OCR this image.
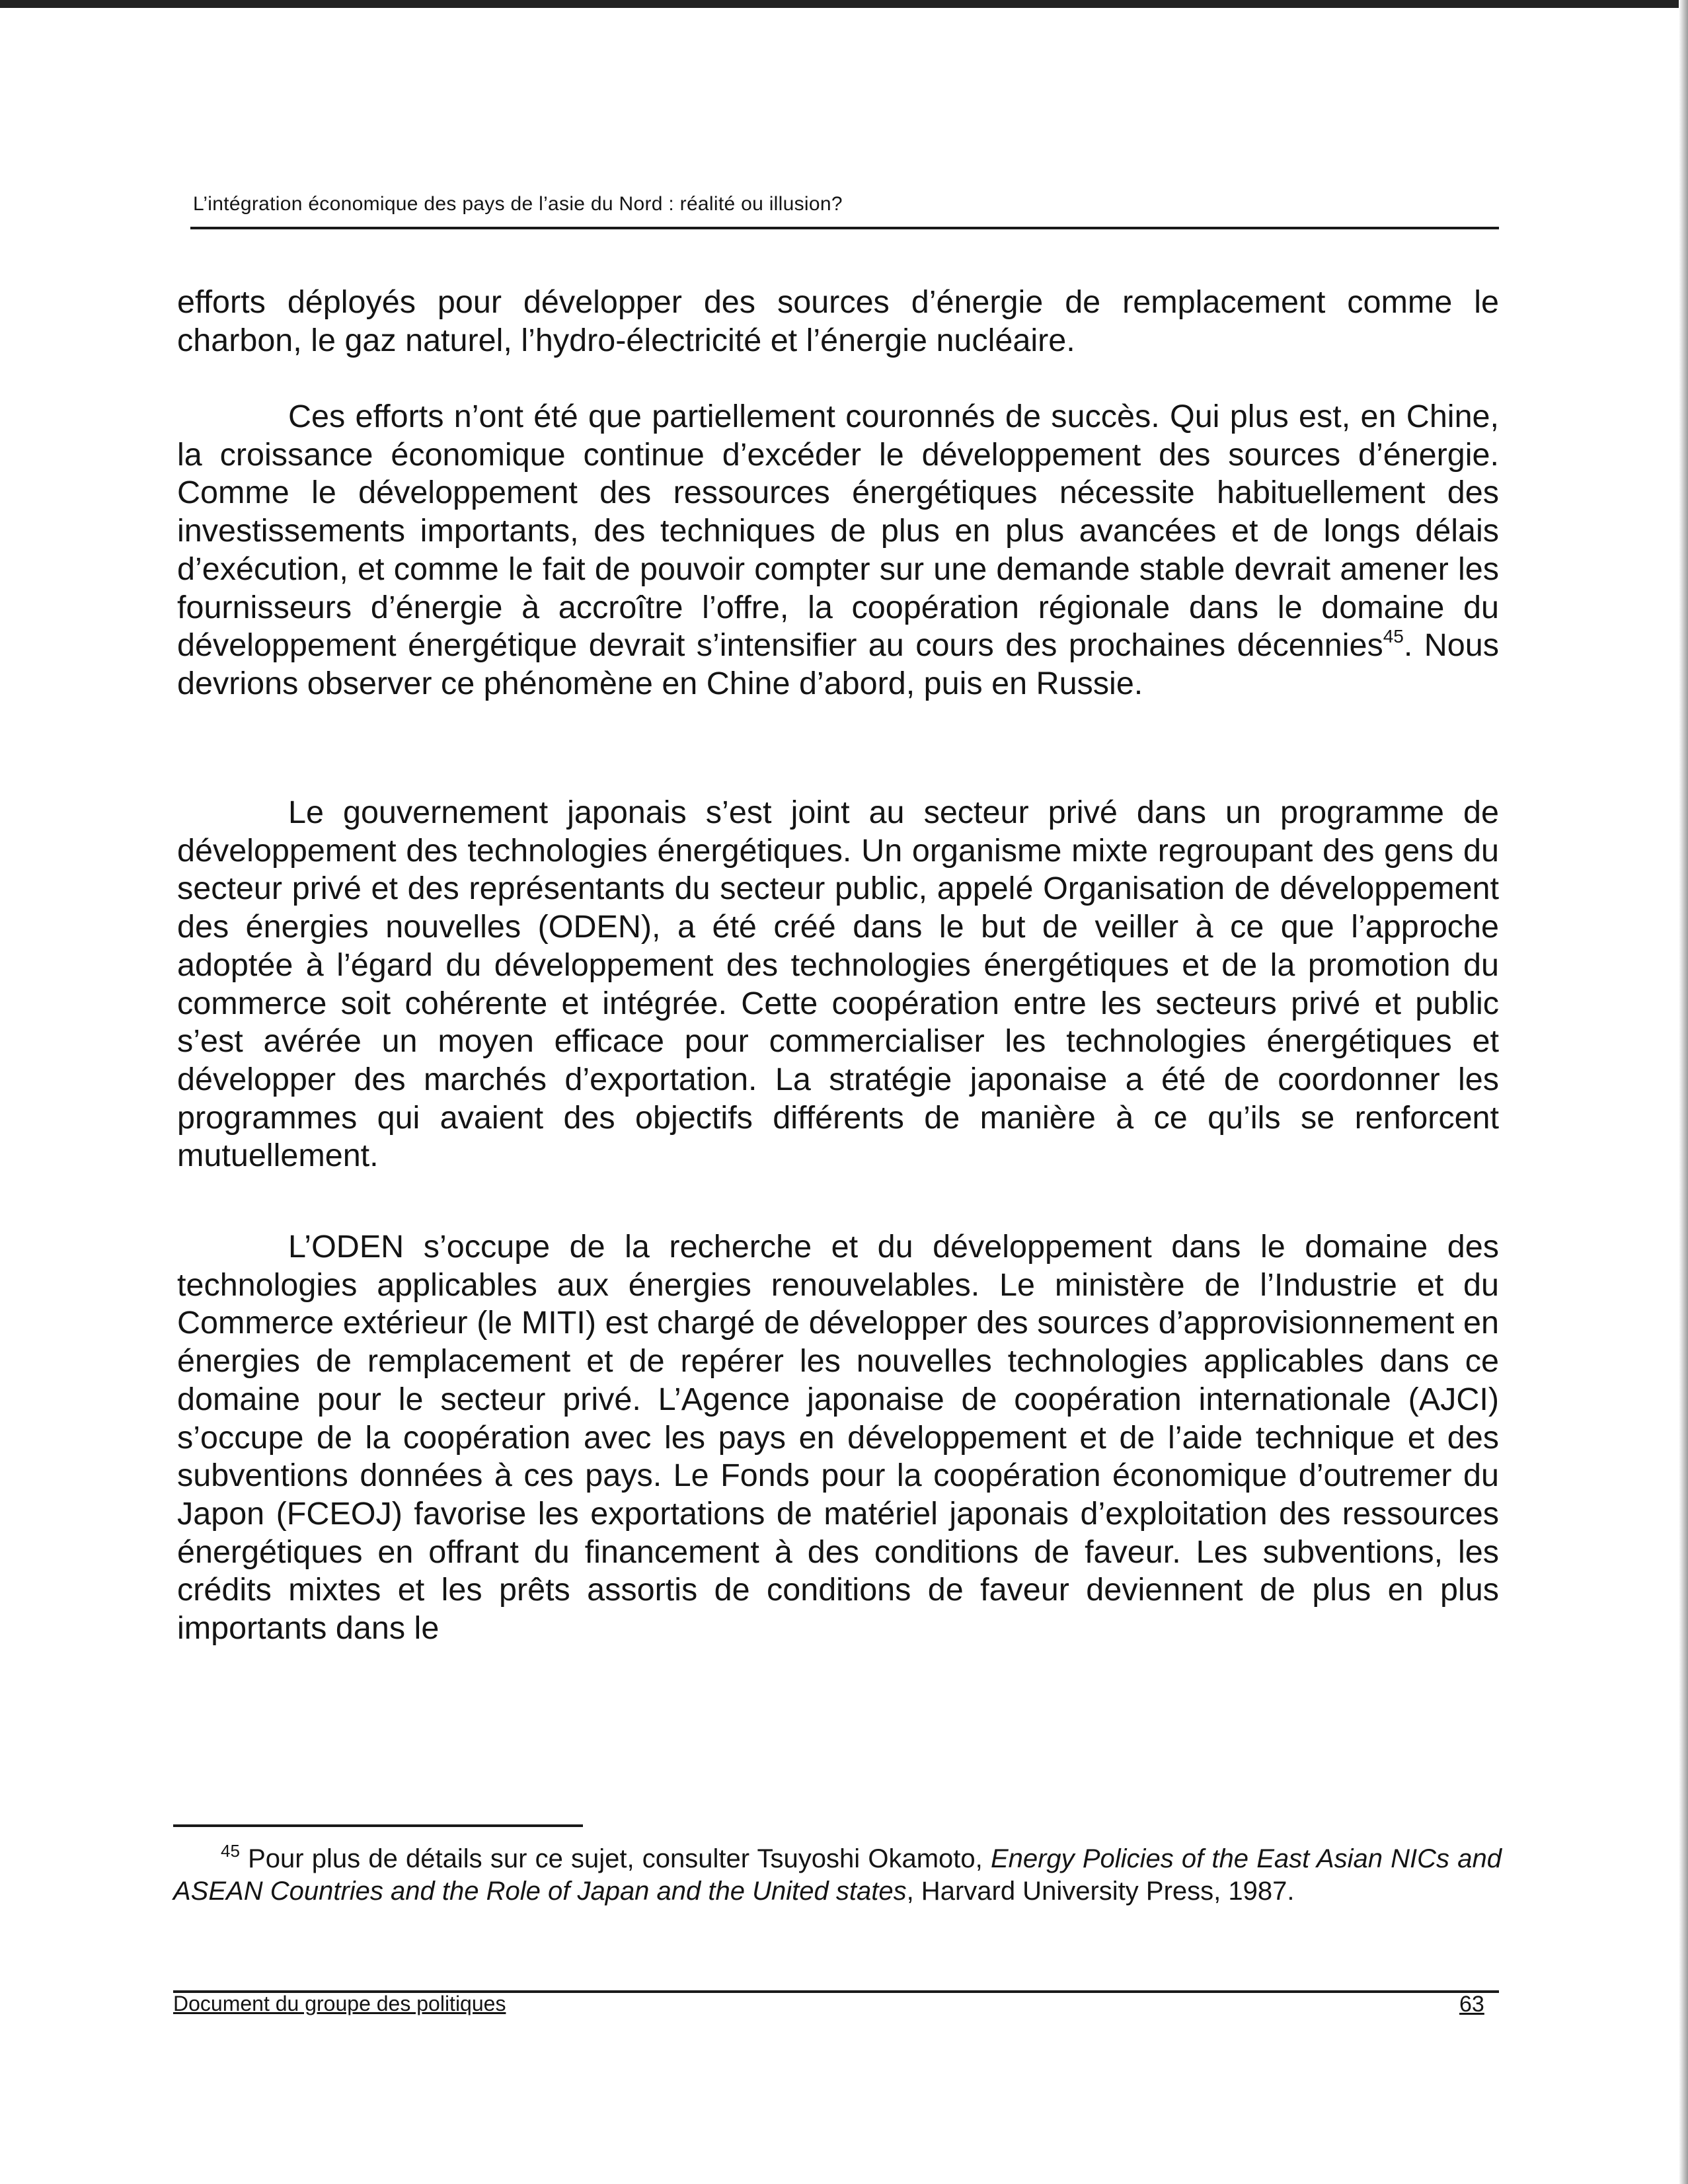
L’intégration économique des pays de l’asie du Nord : réalité ou illusion?

efforts déployés pour développer des sources d’énergie de remplacement comme le charbon, le gaz naturel, l’hydro-électricité et l’énergie nucléaire.

Ces efforts n’ont été que partiellement couronnés de succès. Qui plus est, en Chine, la croissance économique continue d’excéder le développement des sources d’énergie. Comme le développement des ressources énergétiques nécessite habituellement des investissements importants, des techniques de plus en plus avancées et de longs délais d’exécution, et comme le fait de pouvoir compter sur une demande stable devrait amener les fournisseurs d’énergie à accroître l’offre, la coopération régionale dans le domaine du développement énergétique devrait s’intensifier au cours des prochaines décennies$^{45}$. Nous devrions observer ce phénomène en Chine d’abord, puis en Russie.

Le gouvernement japonais s’est joint au secteur privé dans un programme de développement des technologies énergétiques. Un organisme mixte regroupant des gens du secteur privé et des représentants du secteur public, appelé Organisation de développement des énergies nouvelles (ODEN), a été créé dans le but de veiller à ce que l’approche adoptée à l’égard du développement des technologies énergétiques et de la promotion du commerce soit cohérente et intégrée. Cette coopération entre les secteurs privé et public s’est avérée un moyen efficace pour commercialiser les technologies énergétiques et développer des marchés d’exportation. La stratégie japonaise a été de coordonner les programmes qui avaient des objectifs différents de manière à ce qu’ils se renforcent mutuellement.

L’ODEN s’occupe de la recherche et du développement dans le domaine des technologies applicables aux énergies renouvelables. Le ministère de l’Industrie et du Commerce extérieur (le MITI) est chargé de développer des sources d’approvisionnement en énergies de remplacement et de repérer les nouvelles technologies applicables dans ce domaine pour le secteur privé. L’Agence japonaise de coopération internationale (AJCI) s’occupe de la coopération avec les pays en développement et de l’aide technique et des subventions données à ces pays. Le Fonds pour la coopération économique d’outremer du Japon (FCEOJ) favorise les exportations de matériel japonais d’exploitation des ressources énergétiques en offrant du financement à des conditions de faveur. Les subventions, les crédits mixtes et les prêts assortis de conditions de faveur deviennent de plus en plus importants dans le

$^{45}$ Pour plus de détails sur ce sujet, consulter Tsuyoshi Okamoto, Energy Policies of the East Asian NICs and ASEAN Countries and the Role of Japan and the United states, Harvard University Press, 1987.

Document du groupe des politiques	63
